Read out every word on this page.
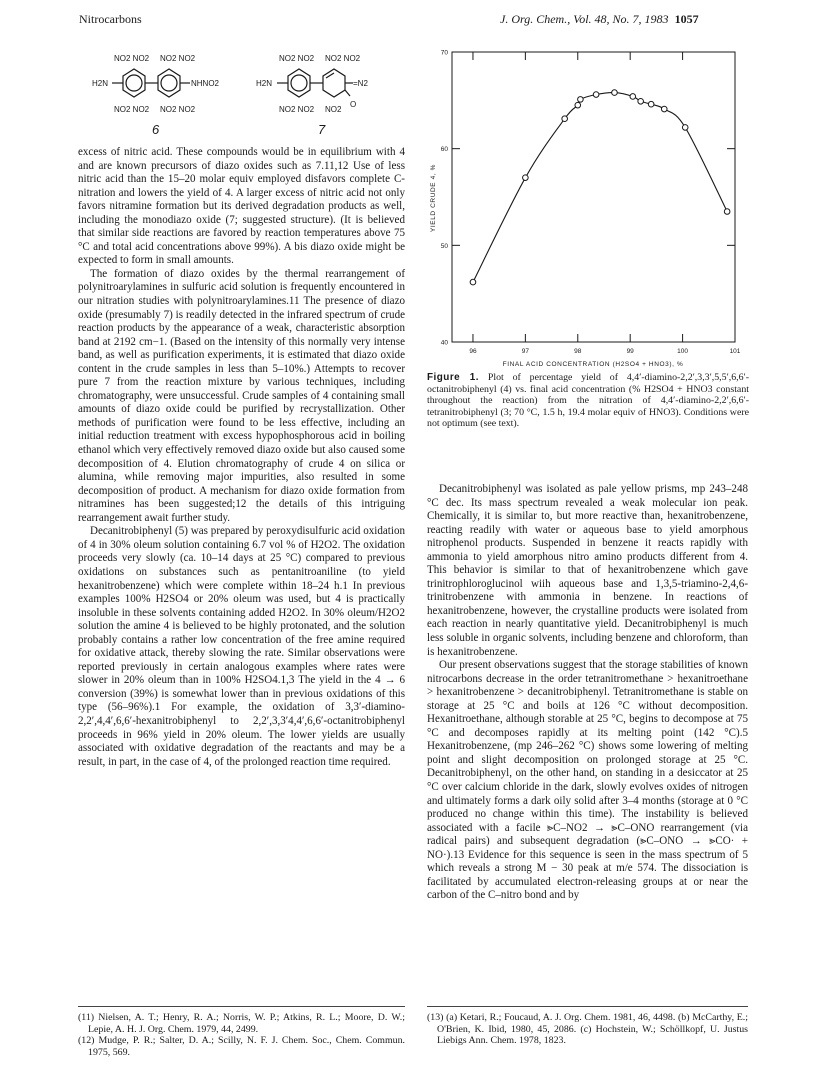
Nitrocarbons	J. Org. Chem., Vol. 48, No. 7, 1983 1057
NO2 NO2 NO2 NO2
NO2 NO2 NO2 NO2
H2N	NHNO2
6
NO2 NO2 NO2 NO2
NO2 NO2 NO2
H2N	=N2
O
7

excess of nitric acid. These compounds would be in equilibrium with 4 and are known precursors of diazo oxides such as 7.11,12 Use of less nitric acid than the 15–20 molar equiv employed disfavors complete C-nitration and lowers the yield of 4. A larger excess of nitric acid not only favors nitramine formation but its derived degradation products as well, including the monodiazo oxide (7; suggested structure). (It is believed that similar side reactions are favored by reaction temperatures above 75 °C and total acid concentrations above 99%). A bis diazo oxide might be expected to form in small amounts.

The formation of diazo oxides by the thermal rearrangement of polynitroarylamines in sulfuric acid solution is frequently encountered in our nitration studies with polynitroarylamines.11 The presence of diazo oxide (presumably 7) is readily detected in the infrared spectrum of crude reaction products by the appearance of a weak, characteristic absorption band at 2192 cm−1. (Based on the intensity of this normally very intense band, as well as purification experiments, it is estimated that diazo oxide content in the crude samples in less than 5–10%.) Attempts to recover pure 7 from the reaction mixture by various techniques, including chromatography, were unsuccessful. Crude samples of 4 containing small amounts of diazo oxide could be purified by recrystallization. Other methods of purification were found to be less effective, including an initial reduction treatment with excess hypophosphorous acid in boiling ethanol which very effectively removed diazo oxide but also caused some decomposition of 4. Elution chromatography of crude 4 on silica or alumina, while removing major impurities, also resulted in some decomposition of product. A mechanism for diazo oxide formation from nitramines has been suggested;12 the details of this intriguing rearrangement await further study.

Decanitrobiphenyl (5) was prepared by peroxydisulfuric acid oxidation of 4 in 30% oleum solution containing 6.7 vol % of H2O2. The oxidation proceeds very slowly (ca. 10–14 days at 25 °C) compared to previous oxidations on substances such as pentanitroaniline (to yield hexanitrobenzene) which were complete within 18–24 h.1 In previous examples 100% H2SO4 or 20% oleum was used, but 4 is practically insoluble in these solvents containing added H2O2. In 30% oleum/H2O2 solution the amine 4 is believed to be highly protonated, and the solution probably contains a rather low concentration of the free amine required for oxidative attack, thereby slowing the rate. Similar observations were reported previously in certain analogous examples where rates were slower in 20% oleum than in 100% H2SO4.1,3 The yield in the 4 → 6 conversion (39%) is somewhat lower than in previous oxidations of this type (56–96%).1 For example, the oxidation of 3,3′-diamino-2,2′,4,4′,6,6′-hexanitrobiphenyl to 2,2′,3,3′4,4′,6,6′-octanitrobiphenyl proceeds in 96% yield in 20% oleum. The lower yields are usually associated with oxidative degradation of the reactants and may be a result, in part, in the case of 4, of the prolonged reaction time required.

96	97	98	99	100	101
40
50
60
70
FINAL ACID CONCENTRATION (H2SO4 + HNO3), %
YIELD CRUDE 4, %
Figure 1. Plot of percentage yield of 4,4′-diamino-2,2′,3,3′,5,5′,6,6′-octanitrobiphenyl (4) vs. final acid concentration (% H2SO4 + HNO3 constant throughout the reaction) from the nitration of 4,4′-diamino-2,2′,6,6′-tetranitrobiphenyl (3; 70 °C, 1.5 h, 19.4 molar equiv of HNO3). Conditions were not optimum (see text).

Decanitrobiphenyl was isolated as pale yellow prisms, mp 243–248 °C dec. Its mass spectrum revealed a weak molecular ion peak. Chemically, it is similar to, but more reactive than, hexanitrobenzene, reacting readily with water or aqueous base to yield amorphous nitrophenol products. Suspended in benzene it reacts rapidly with ammonia to yield amorphous nitro amino products different from 4. This behavior is similar to that of hexanitrobenzene which gave trinitrophloroglucinol wiih aqueous base and 1,3,5-triamino-2,4,6-trinitrobenzene with ammonia in benzene. In reactions of hexanitrobenzene, however, the crystalline products were isolated from each reaction in nearly quantitative yield. Decanitrobiphenyl is much less soluble in organic solvents, including benzene and chloroform, than is hexanitrobenzene.

Our present observations suggest that the storage stabilities of known nitrocarbons decrease in the order tetranitromethane > hexanitroethane > hexanitrobenzene > decanitrobiphenyl. Tetranitromethane is stable on storage at 25 °C and boils at 126 °C without decomposition. Hexanitroethane, although storable at 25 °C, begins to decompose at 75 °C and decomposes rapidly at its melting point (142 °C).5 Hexanitrobenzene, (mp 246–262 °C) shows some lowering of melting point and slight decomposition on prolonged storage at 25 °C. Decanitrobiphenyl, on the other hand, on standing in a desiccator at 25 °C over calcium chloride in the dark, slowly evolves oxides of nitrogen and ultimately forms a dark oily solid after 3–4 months (storage at 0 °C produced no change within this time). The instability is believed associated with a facile ⪢C–NO2 → ⪢C–ONO rearrangement (via radical pairs) and subsequent degradation (⪢C–ONO → ⪢CO· + NO·).13 Evidence for this sequence is seen in the mass spectrum of 5 which reveals a strong M − 30 peak at m/e 574. The dissociation is facilitated by accumulated electron-releasing groups at or near the carbon of the C–nitro bond and by

(11) Nielsen, A. T.; Henry, R. A.; Norris, W. P.; Atkins, R. L.; Moore, D. W.; Lepie, A. H. J. Org. Chem. 1979, 44, 2499.

(12) Mudge, P. R.; Salter, D. A.; Scilly, N. F. J. Chem. Soc., Chem. Commun. 1975, 569.

(13) (a) Ketari, R.; Foucaud, A. J. Org. Chem. 1981, 46, 4498. (b) McCarthy, E.; O'Brien, K. Ibid, 1980, 45, 2086. (c) Hochstein, W.; Schöllkopf, U. Justus Liebigs Ann. Chem. 1978, 1823.
